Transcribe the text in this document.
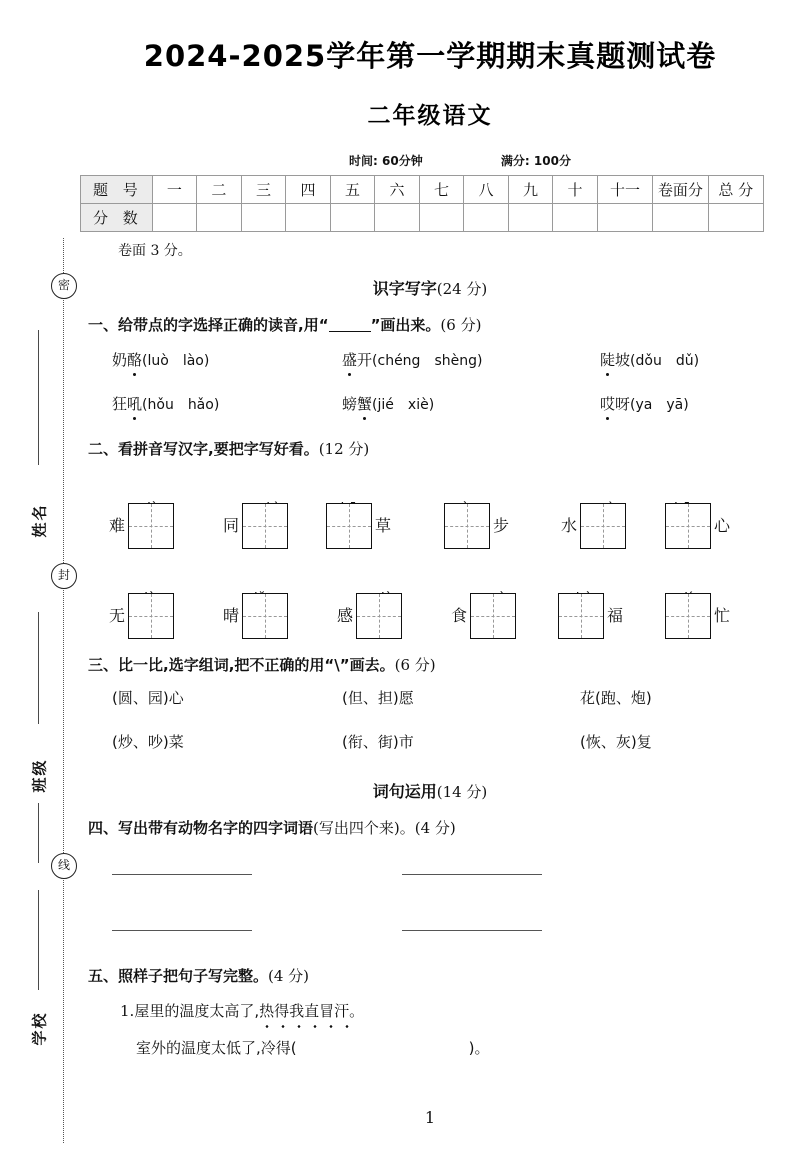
密
封
线
姓名
班级
学校
2024-2025学年第一学期期末真题测试卷
二年级语文
时间: 60分钟	满分: 100分
题 号	一	二	三	四	五	六	七	八	九	十	十一	卷面分	总 分
分 数													
卷面 3 分。
识字写字(24 分)
一、给带点的字选择正确的读音,用“	”画出来。(6 分)
奶酪(luò lào)	盛开(chéng shèng)	陡坡(dǒu dǔ)
狂吼(hǒu hǎo)	螃蟹(jié xiè)	哎呀(ya yā)
二、看拼音写汉字,要把字写好看。(12 分)
难	同	草	步	水	心
无	晴	感	食	福	忙
三、比一比,选字组词,把不正确的用“\”画去。(6 分)
(圆、园)心	(但、担)愿	花(跑、炮)
(炒、吵)菜	(衔、街)市	(恢、灰)复
词句运用(14 分)
四、写出带有动物名字的四字词语(写出四个来)。(4 分)
五、照样子把句子写完整。(4 分)
1.屋里的温度太高了,热得我直冒汗。
室外的温度太低了,冷得(	)。
1
